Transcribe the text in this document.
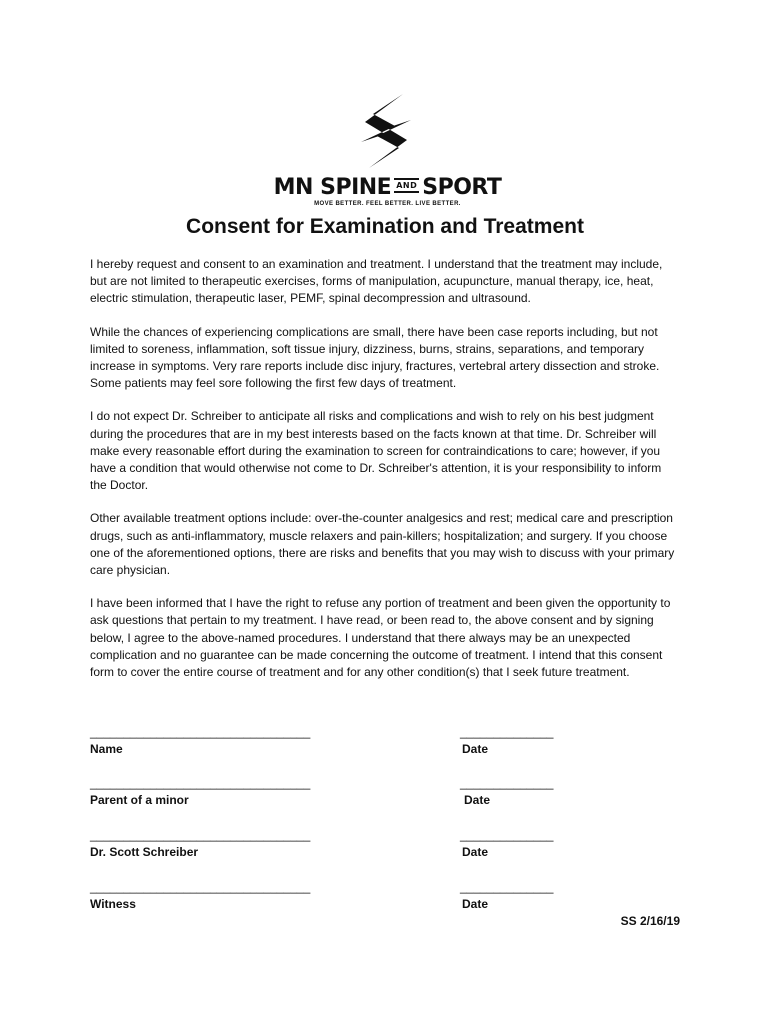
MN SPINE AND SPORT
MOVE BETTER. FEEL BETTER. LIVE BETTER.
Consent for Examination and Treatment

I hereby request and consent to an examination and treatment. I understand that the treatment may include, but are not limited to therapeutic exercises, forms of manipulation, acupuncture, manual therapy, ice, heat, electric stimulation, therapeutic laser, PEMF, spinal decompression and ultrasound.

While the chances of experiencing complications are small, there have been case reports including, but not limited to soreness, inflammation, soft tissue injury, dizziness, burns, strains, separations, and temporary increase in symptoms. Very rare reports include disc injury, fractures, vertebral artery dissection and stroke. Some patients may feel sore following the first few days of treatment.

I do not expect Dr. Schreiber to anticipate all risks and complications and wish to rely on his best judgment during the procedures that are in my best interests based on the facts known at that time. Dr. Schreiber will make every reasonable effort during the examination to screen for contraindications to care; however, if you have a condition that would otherwise not come to Dr. Schreiber's attention, it is your responsibility to inform the Doctor.

Other available treatment options include: over-the-counter analgesics and rest; medical care and prescription drugs, such as anti-inflammatory, muscle relaxers and pain-killers; hospitalization; and surgery. If you choose one of the aforementioned options, there are risks and benefits that you may wish to discuss with your primary care physician.

I have been informed that I have the right to refuse any portion of treatment and been given the opportunity to ask questions that pertain to my treatment. I have read, or been read to, the above consent and by signing below, I agree to the above-named procedures. I understand that there always may be an unexpected complication and no guarantee can be made concerning the outcome of treatment. I intend that this consent form to cover the entire course of treatment and for any other condition(s) that I seek future treatment.

_________________________________
Name
______________
Date
_________________________________
Parent of a minor
______________
Date
_________________________________
Dr. Scott Schreiber
______________
Date
_________________________________
Witness
______________
Date
SS 2/16/19
